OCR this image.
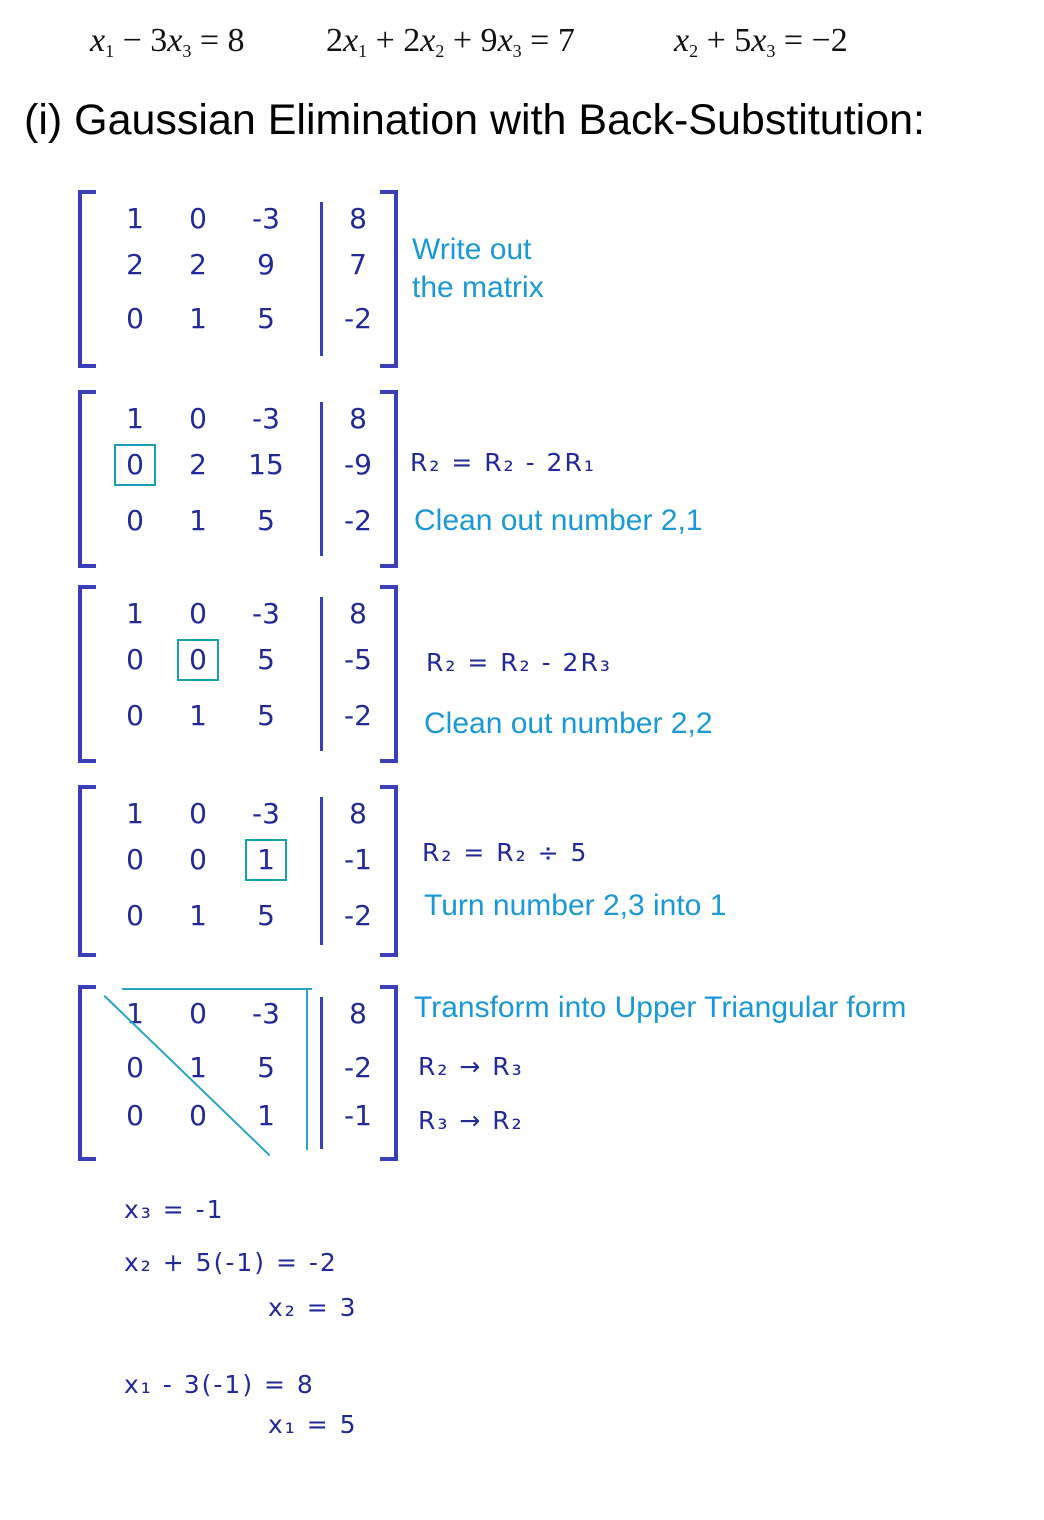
$x_1 - 3x_3 = 8$ $2x_1 + 2x_2 + 9x_3 = 7$	$x_2 + 5x_3 = -2$
(i) Gaussian Elimination with Back-Substitution:
1	0	-3	8
2	2	9	7
0	1	5	-2
Write out
the matrix
1	0	-3	8
0	2	15	-9
0	1	5	-2
R₂ = R₂ - 2R₁
Clean out number 2,1
1	0	-3	8
0	0	5	-5
0	1	5	-2
R₂ = R₂ - 2R₃
Clean out number 2,2
1	0	-3	8
0	0	1	-1
0	1	5	-2
R₂ = R₂ ÷ 5
Turn number 2,3 into 1
1	0	-3	8
0	1	5	-2
0	0	1	-1
Transform into Upper Triangular form
R₂ → R₃
R₃ → R₂
x₃ = -1
x₂ + 5(-1) = -2
x₂ = 3
x₁ - 3(-1) = 8
x₁ = 5
